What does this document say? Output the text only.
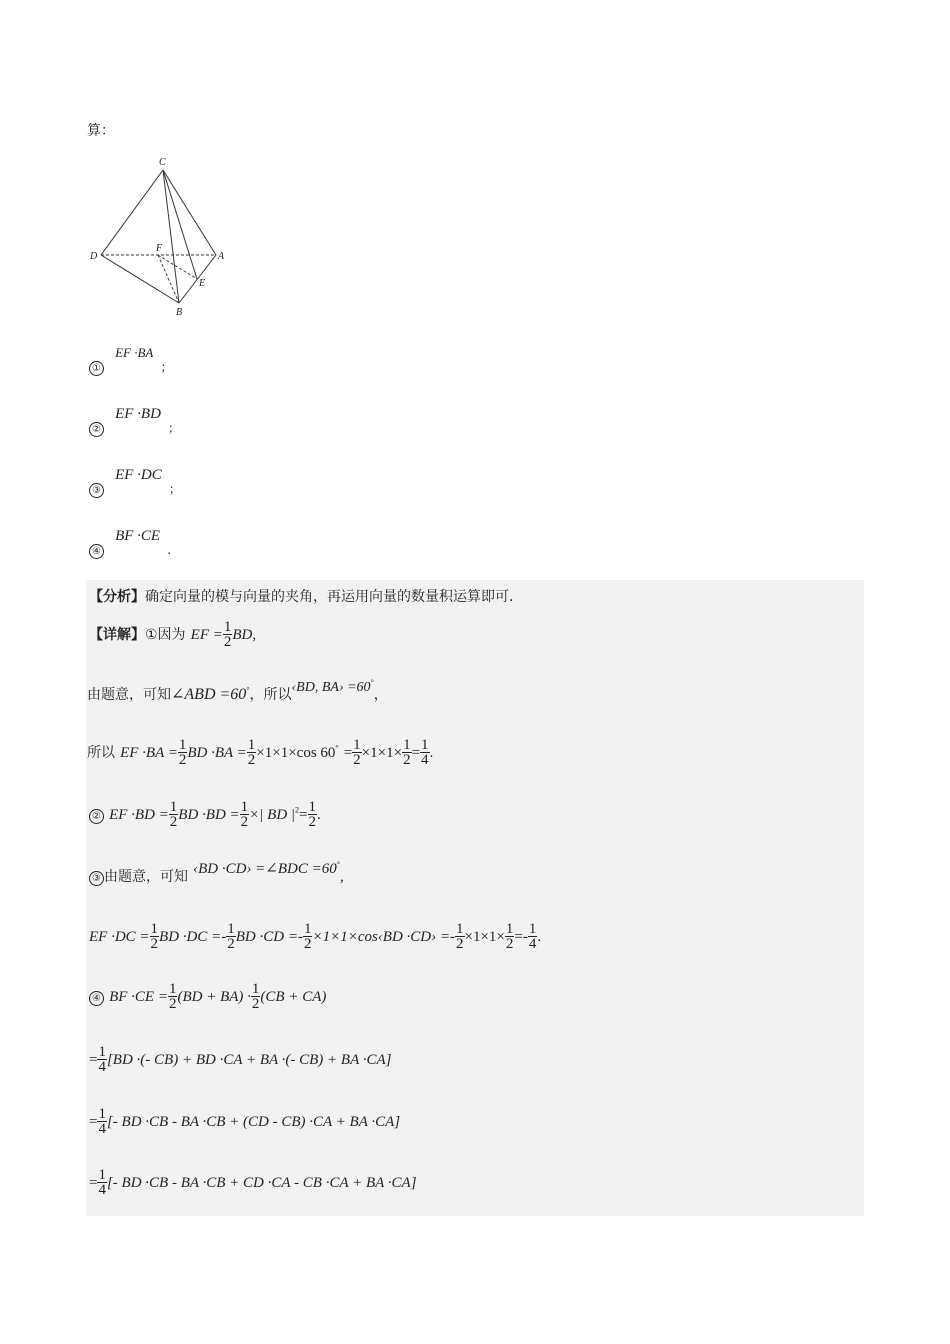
算：
C
D
F
A
E
B
① EF ·BA $_;$
② EF ·BD $_;$
③ EF ·DC $_;$
④ BF ·CE $_.$
【分析】确定向量的模与向量的夹角，再运用向量的数量积运算即可.
【详解】①因为 EF = $\frac{1}{2}$ BD,
由题意，可知∠ABD =60°，所以‹BD, BA› =60°，
所以 EF $\cdot BA = \frac{1}{2}$ BD $\cdot BA = \frac{1}{2} \times 1\times 1\times\cos$ $60^\circ = \frac{1}{2} \times 1\times 1\times \frac{1}{2} = \frac{1}{4}$ .
② EF $\cdot BD = \frac{1}{2}$ BD $\cdot BD = \frac{1}{2}$ ×| BD $|^2= \frac{1}{2}$ .
③ 由题意，可知 ‹BD ·CD› =∠BDC =60°,
EF $\cdot DC = \frac{1}{2}$ BD $\cdot DC =- \frac{1}{2}$ BD $\cdot CD =- \frac{1}{2}$ ×1×1×cos‹BD ·CD› =- $\frac{1}{2} \times 1\times 1\times \frac{1}{2} =- \frac{1}{4}$ .
④ BF $\cdot CE = \frac{1}{2} (BD + BA) \cdot \frac{1}{2} (CB + CA)$
= $\frac{1}{4} [BD$ ·(- CB) + BD ·CA + BA ·(- CB) + BA ·CA]
= $\frac{1}{4}$ [- BD ·CB - BA ·CB + (CD - CB) ·CA + BA ·CA]
= $\frac{1}{4}$ [- BD ·CB - BA ·CB + CD ·CA - CB ·CA + BA ·CA]
